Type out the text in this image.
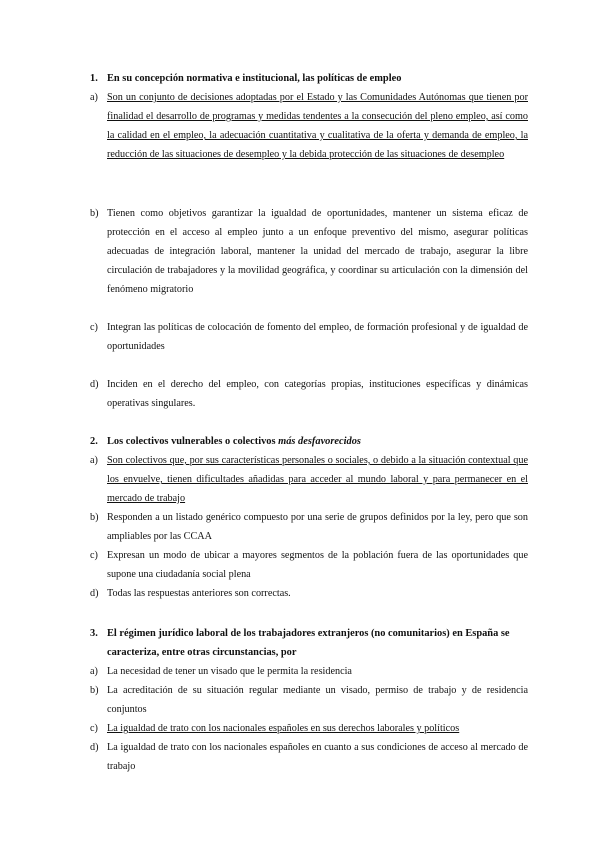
1. En su concepción normativa e institucional, las políticas de empleo
a) Son un conjunto de decisiones adoptadas por el Estado y las Comunidades Autónomas que tienen por finalidad el desarrollo de programas y medidas tendentes a la consecución del pleno empleo, así como la calidad en el empleo, la adecuación cuantitativa y cualitativa de la oferta y demanda de empleo, la reducción de las situaciones de desempleo y la debida protección de las situaciones de desempleo
b) Tienen como objetivos garantizar la igualdad de oportunidades, mantener un sistema eficaz de protección en el acceso al empleo junto a un enfoque preventivo del mismo, asegurar políticas adecuadas de integración laboral, mantener la unidad del mercado de trabajo, asegurar la libre circulación de trabajadores y la movilidad geográfica, y coordinar su articulación con la dimensión del fenómeno migratorio
c) Integran las políticas de colocación de fomento del empleo, de formación profesional y de igualdad de oportunidades
d) Inciden en el derecho del empleo, con categorías propias, instituciones específicas y dinámicas operativas singulares.
2. Los colectivos vulnerables o colectivos más desfavorecidos
a) Son colectivos que, por sus características personales o sociales, o debido a la situación contextual que los envuelve, tienen dificultades añadidas para acceder al mundo laboral y para permanecer en el mercado de trabajo
b) Responden a un listado genérico compuesto por una serie de grupos definidos por la ley, pero que son ampliables por las CCAA
c) Expresan un modo de ubicar a mayores segmentos de la población fuera de las oportunidades que supone una ciudadanía social plena
d) Todas las respuestas anteriores son correctas.
3. El régimen jurídico laboral de los trabajadores extranjeros (no comunitarios) en España se caracteriza, entre otras circunstancias, por
a) La necesidad de tener un visado que le permita la residencia
b) La acreditación de su situación regular mediante un visado, permiso de trabajo y de residencia conjuntos
c) La igualdad de trato con los nacionales españoles en sus derechos laborales y políticos
d) La igualdad de trato con los nacionales españoles en cuanto a sus condiciones de acceso al mercado de trabajo
